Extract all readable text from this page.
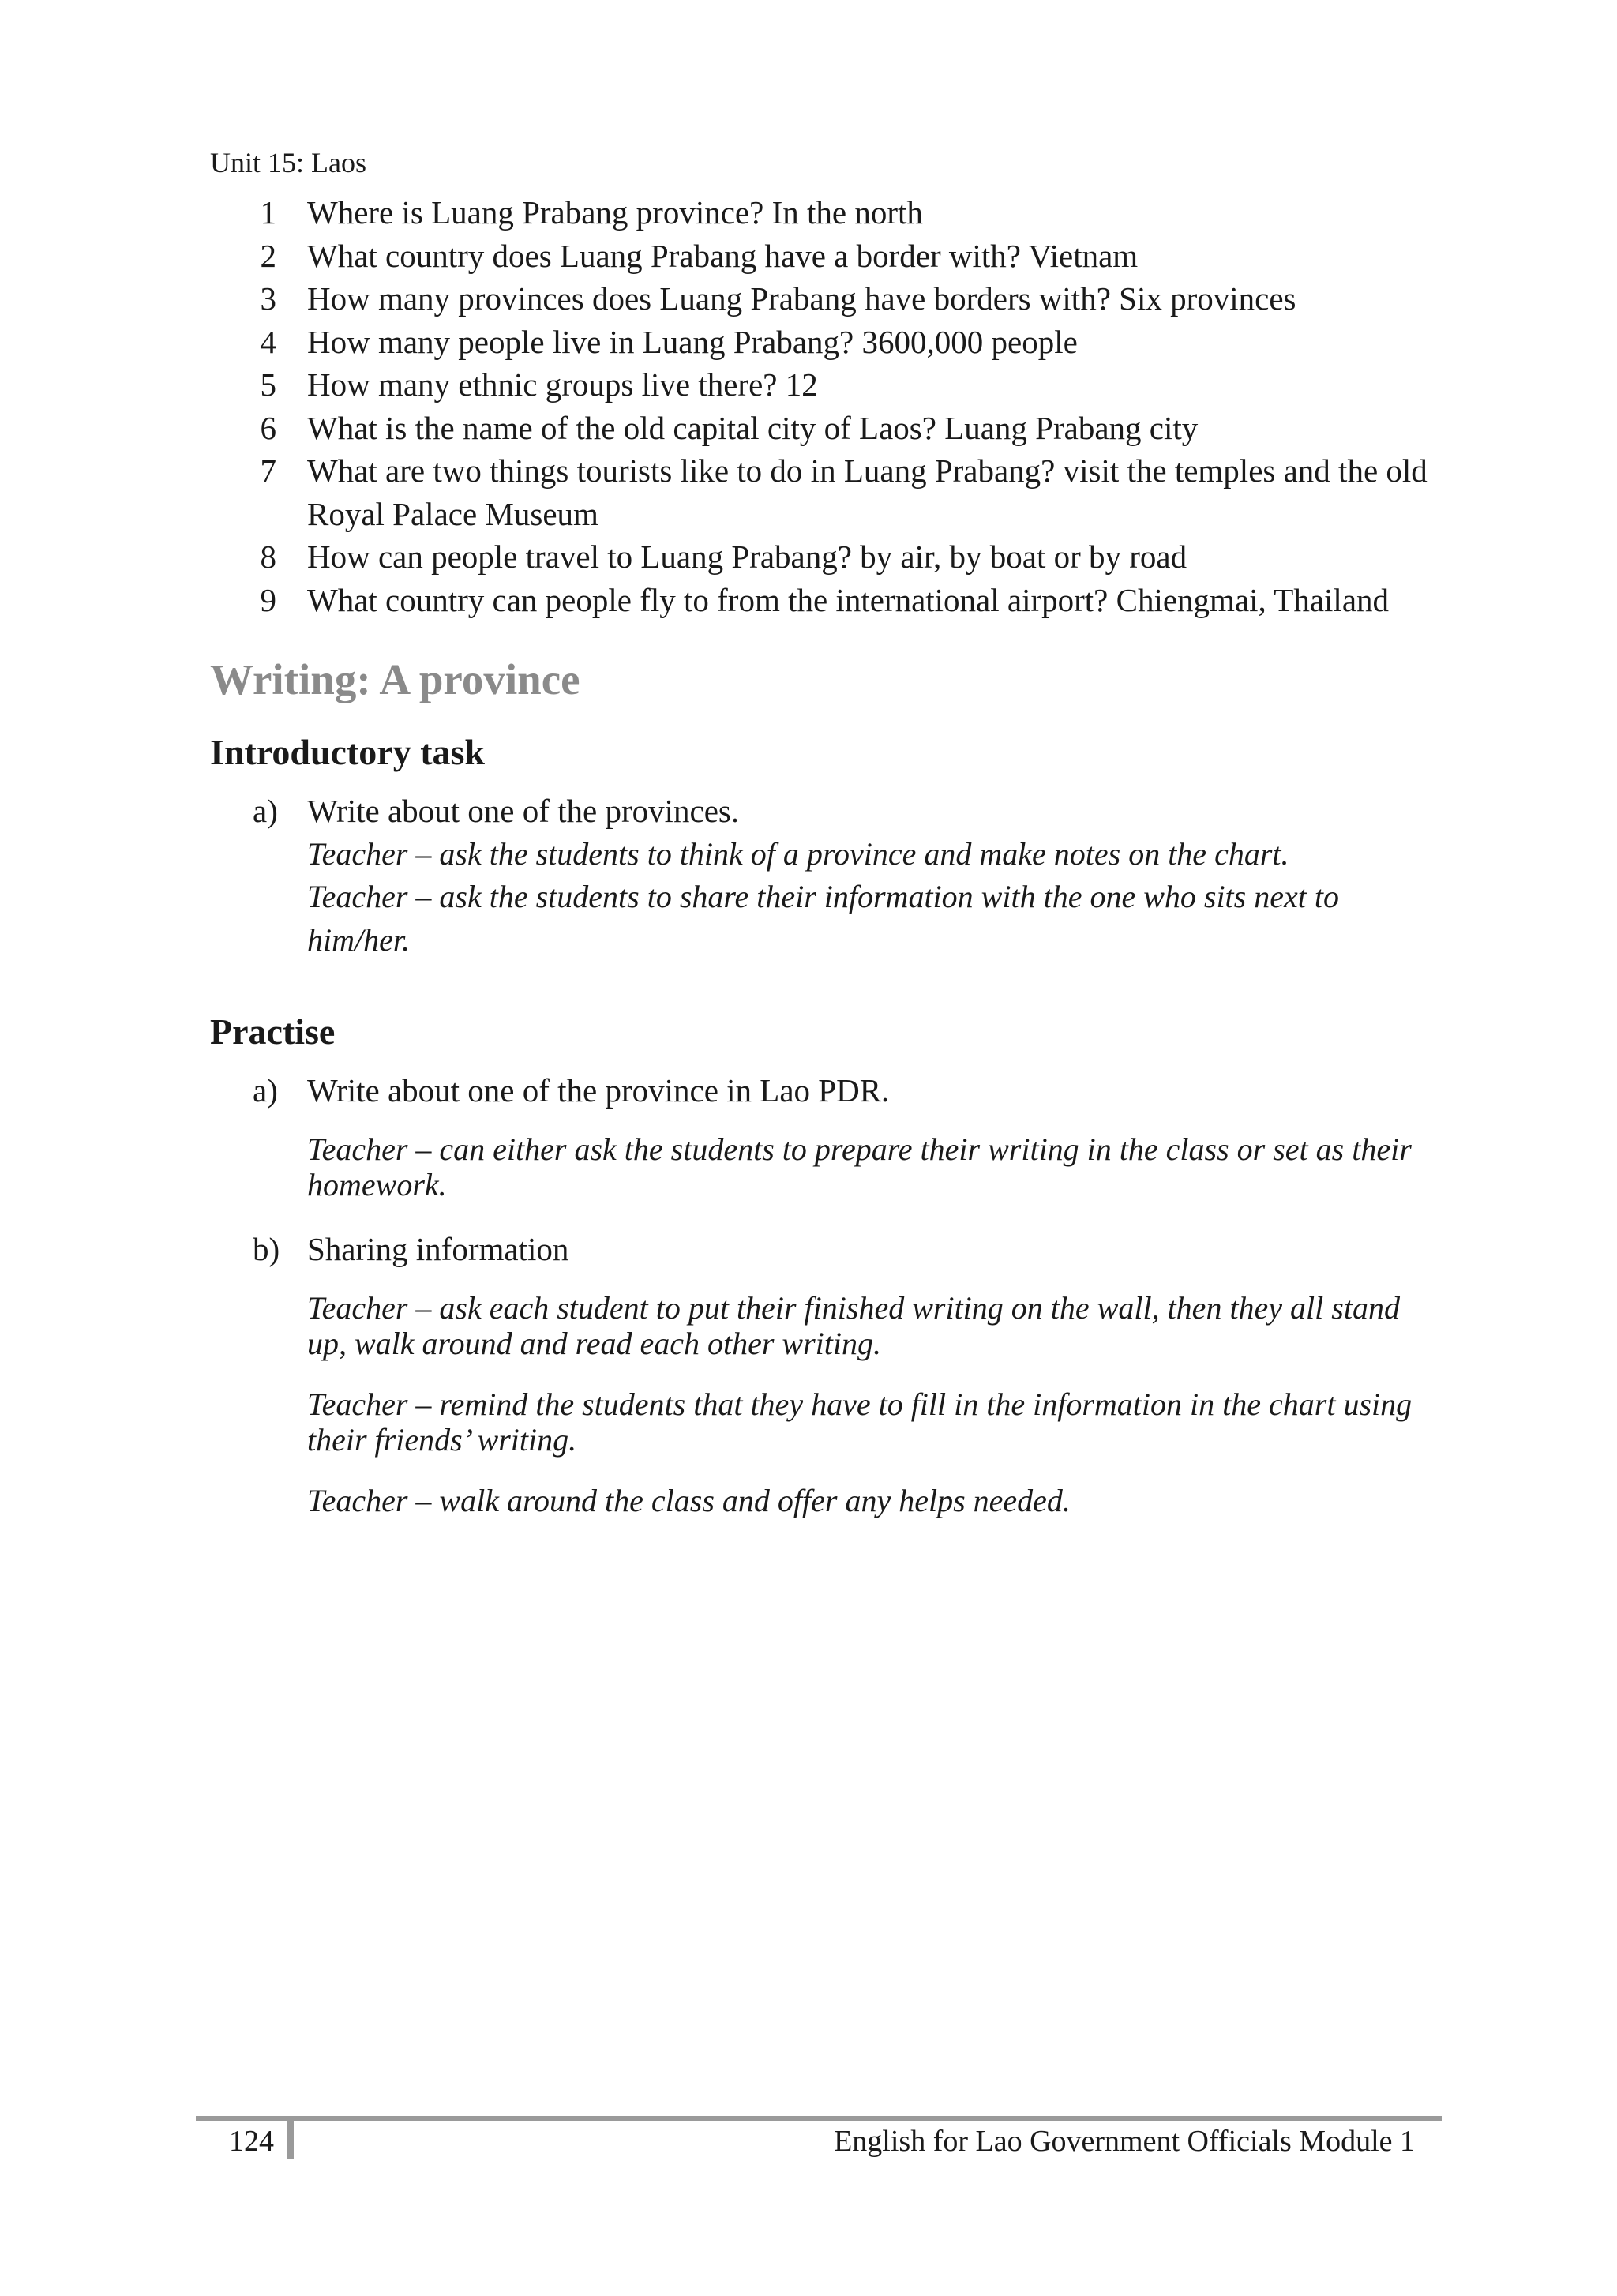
Unit 15: Laos
1 Where is Luang Prabang province? In the north
2 What country does Luang Prabang have a border with? Vietnam
3 How many provinces does Luang Prabang have borders with? Six provinces
4 How many people live in Luang Prabang? 3600,000 people
5 How many ethnic groups live there? 12
6 What is the name of the old capital city of Laos? Luang Prabang city
7 What are two things tourists like to do in Luang Prabang? visit the temples and the old Royal Palace Museum
8 How can people travel to Luang Prabang? by air, by boat or by road
9 What country can people fly to from the international airport? Chiengmai, Thailand
Writing: A province
Introductory task
a) Write about one of the provinces.
Teacher – ask the students to think of a province and make notes on the chart.
Teacher – ask the students to share their information with the one who sits next to him/her.
Practise
a) Write about one of the province in Lao PDR.
Teacher – can either ask the students to prepare their writing in the class or set as their homework.
b) Sharing information
Teacher – ask each student to put their finished writing on the wall, then they all stand up, walk around and read each other writing.
Teacher – remind the students that they have to fill in the information in the chart using their friends’ writing.
Teacher – walk around the class and offer any helps needed.
124	English for Lao Government Officials Module 1
